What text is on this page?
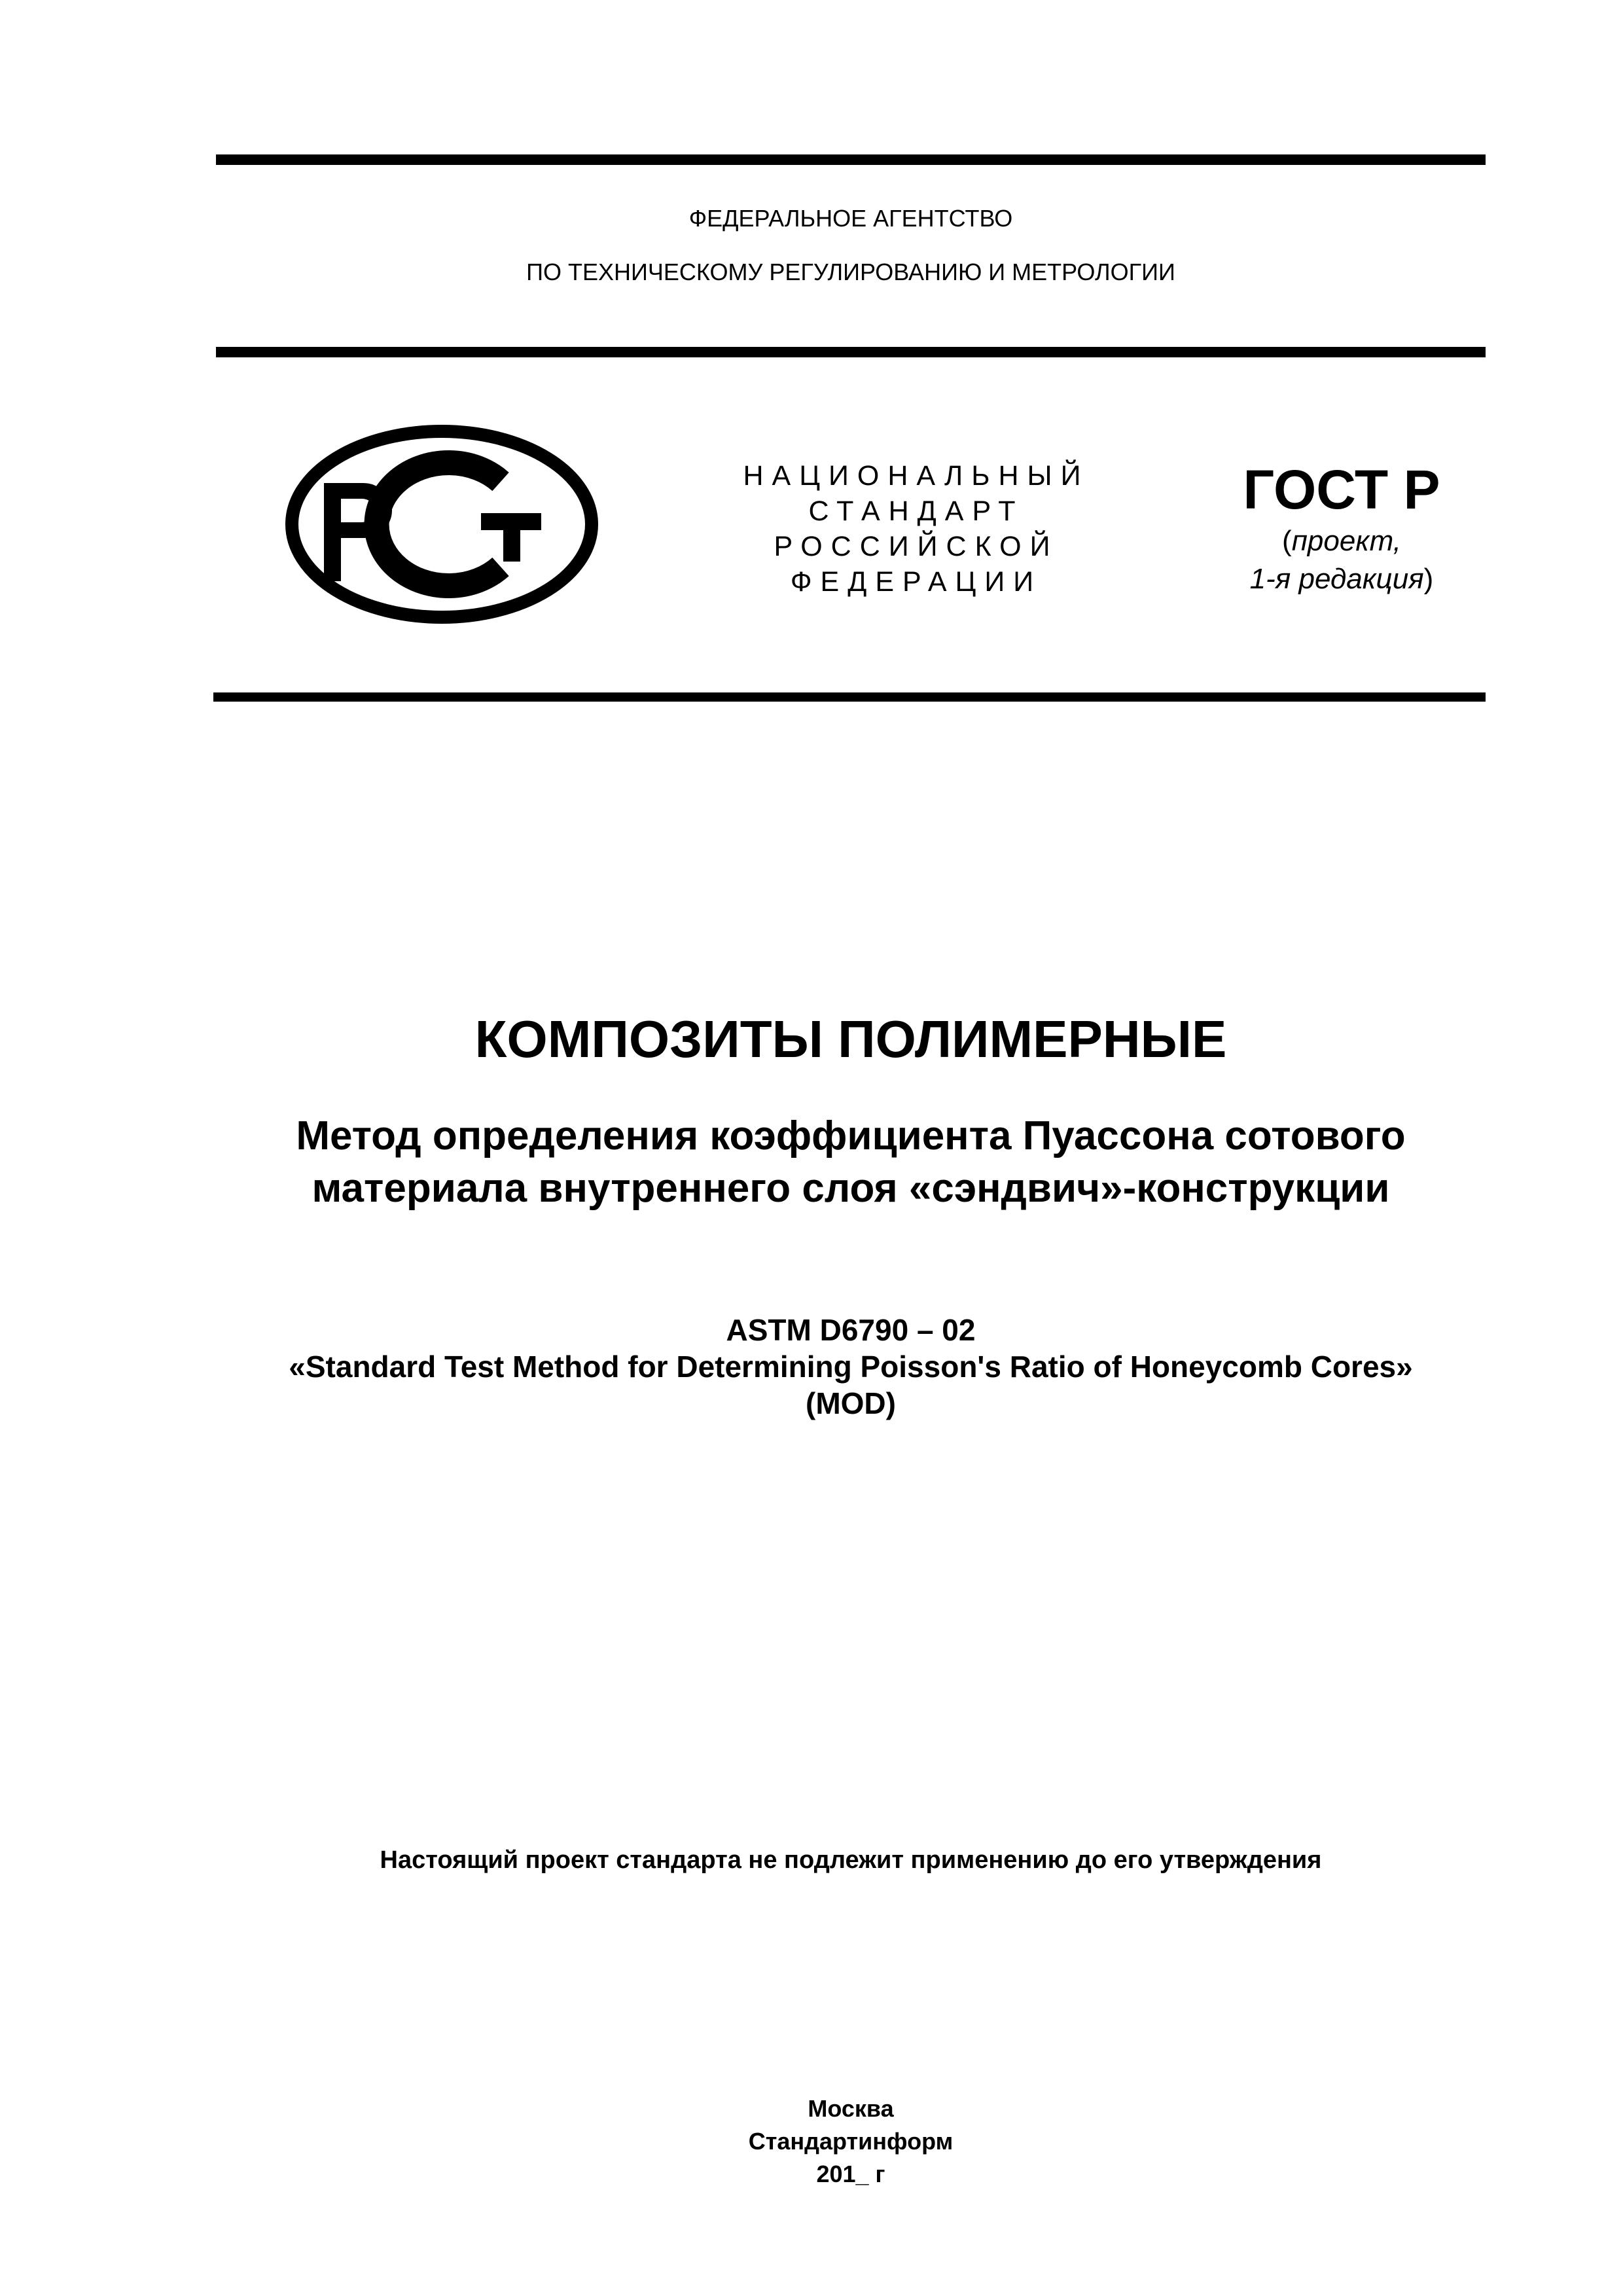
ФЕДЕРАЛЬНОЕ АГЕНТСТВО
ПО ТЕХНИЧЕСКОМУ РЕГУЛИРОВАНИЮ И МЕТРОЛОГИИ
НАЦИОНАЛЬНЫЙ
СТАНДАРТ
РОССИЙСКОЙ
ФЕДЕРАЦИИ
ГОСТ Р
(проект,
1-я редакция)
КОМПОЗИТЫ ПОЛИМЕРНЫЕ
Метод определения коэффициента Пуассона сотового
материала внутреннего слоя «сэндвич»-конструкции
ASTM D6790 – 02
«Standard Test Method for Determining Poisson's Ratio of Honeycomb Cores»
(MOD)
Настоящий проект стандарта не подлежит применению до его утверждения
Москва
Стандартинформ
201_ г
